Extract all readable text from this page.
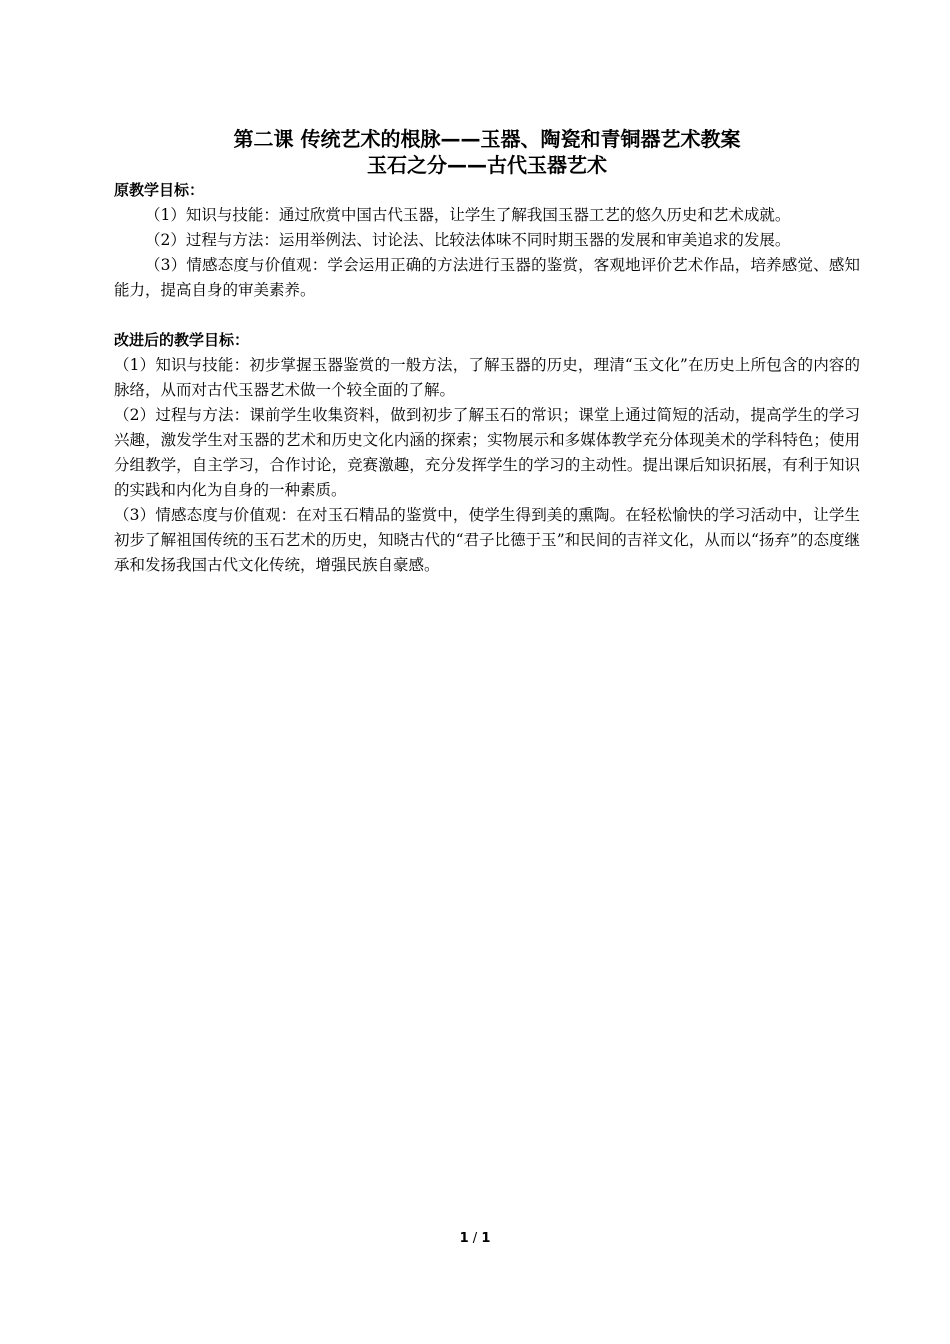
第二课 传统艺术的根脉——玉器、陶瓷和青铜器艺术教案
玉石之分——古代玉器艺术

原教学目标：

（1）知识与技能：通过欣赏中国古代玉器，让学生了解我国玉器工艺的悠久历史和艺术成就。

（2）过程与方法：运用举例法、讨论法、比较法体味不同时期玉器的发展和审美追求的发展。

（3）情感态度与价值观：学会运用正确的方法进行玉器的鉴赏，客观地评价艺术作品，培养感觉、感知能力，提高自身的审美素养。

改进后的教学目标：

（1）知识与技能：初步掌握玉器鉴赏的一般方法，了解玉器的历史，理清“玉文化”在历史上所包含的内容的脉络，从而对古代玉器艺术做一个较全面的了解。

（2）过程与方法：课前学生收集资料，做到初步了解玉石的常识；课堂上通过简短的活动，提高学生的学习兴趣，激发学生对玉器的艺术和历史文化内涵的探索；实物展示和多媒体教学充分体现美术的学科特色；使用分组教学，自主学习，合作讨论，竞赛激趣，充分发挥学生的学习的主动性。提出课后知识拓展，有利于知识的实践和内化为自身的一种素质。

（3）情感态度与价值观：在对玉石精品的鉴赏中，使学生得到美的熏陶。在轻松愉快的学习活动中，让学生初步了解祖国传统的玉石艺术的历史，知晓古代的“君子比德于玉”和民间的吉祥文化，从而以“扬弃”的态度继承和发扬我国古代文化传统，增强民族自豪感。

1 / 1
